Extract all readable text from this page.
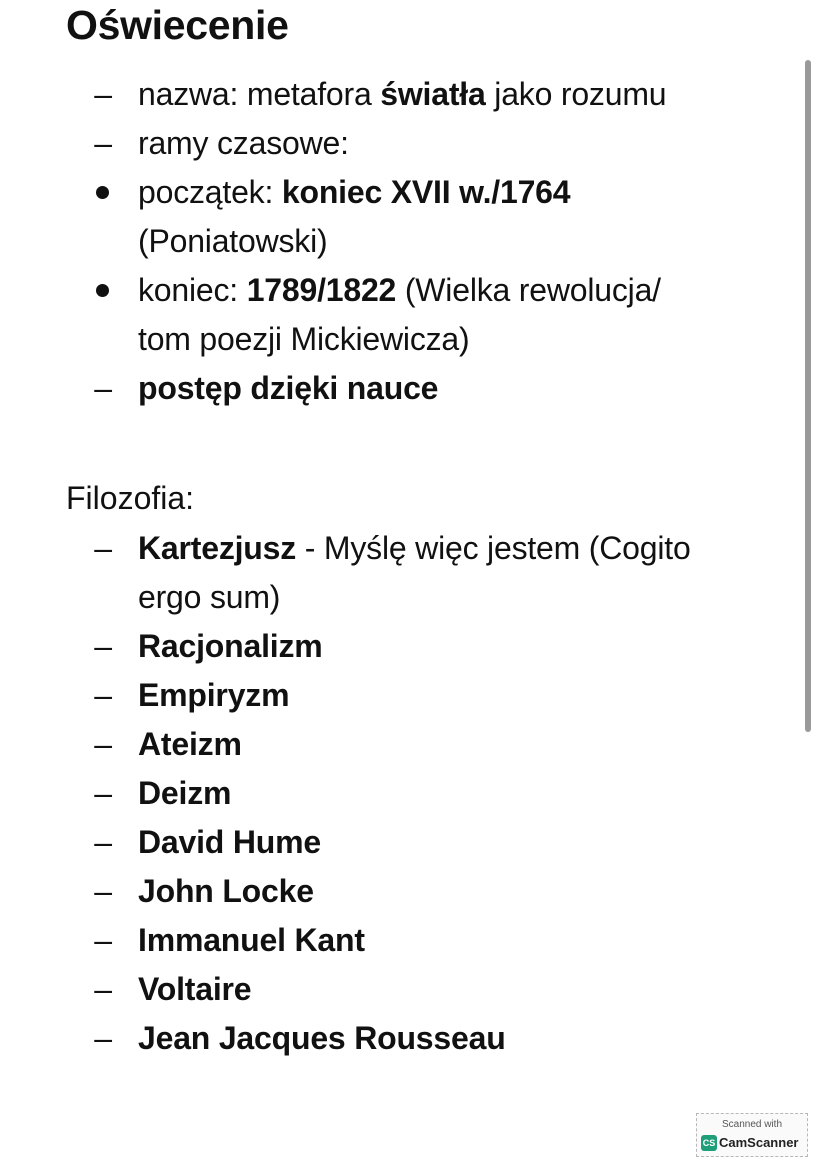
Oświecenie
– nazwa: metafora światła jako rozumu
– ramy czasowe:
początek: koniec XVII w./1764
(Poniatowski)
koniec: 1789/1822 (Wielka rewolucja/
tom poezji Mickiewicza)
– postęp dzięki nauce
Filozofia:
– Kartezjusz - Myślę więc jestem (Cogito
ergo sum)
– Racjonalizm
– Empiryzm
– Ateizm
– Deizm
– David Hume
– John Locke
– Immanuel Kant
– Voltaire
– Jean Jacques Rousseau
Scanned with
CS CamScanner
